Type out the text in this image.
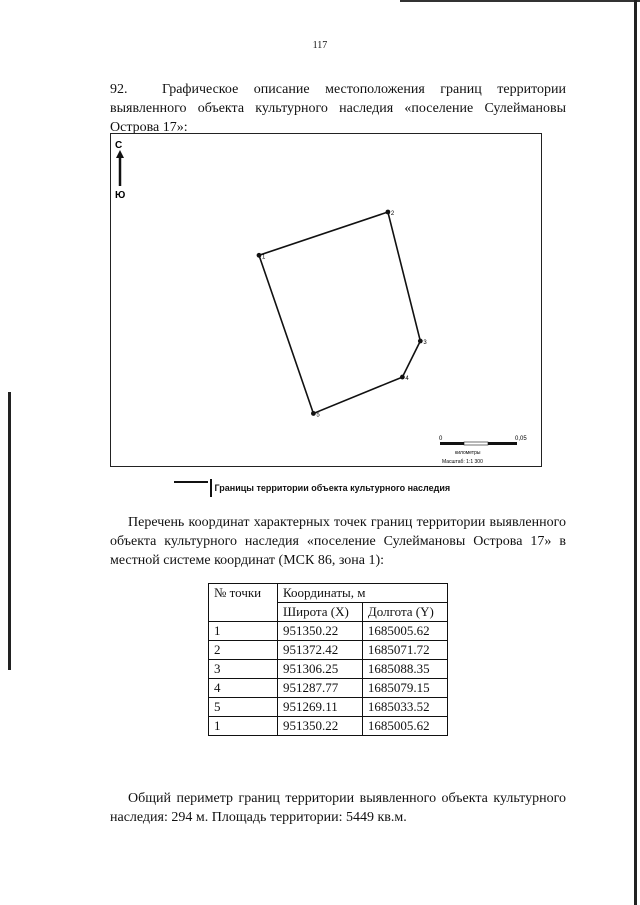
117
92. Графическое описание местоположения границ территории выявленного объекта культурного наследия «поселение Сулеймановы Острова 17»:
С
Ю
1
2
3
4
5
0	0,05
километры
Масштаб: 1:1 300
Границы территории объекта культурного наследия
Перечень координат характерных точек границ территории выявленного объекта культурного наследия «поселение Сулеймановы Острова 17» в местной системе координат (МСК 86, зона 1):
№ точки	Координаты, м	
	Широта (X)	Долгота (Y)
1	951350.22	1685005.62
2	951372.42	1685071.72
3	951306.25	1685088.35
4	951287.77	1685079.15
5	951269.11	1685033.52
1	951350.22	1685005.62
Общий периметр границ территории выявленного объекта культурного наследия: 294 м. Площадь территории: 5449 кв.м.
